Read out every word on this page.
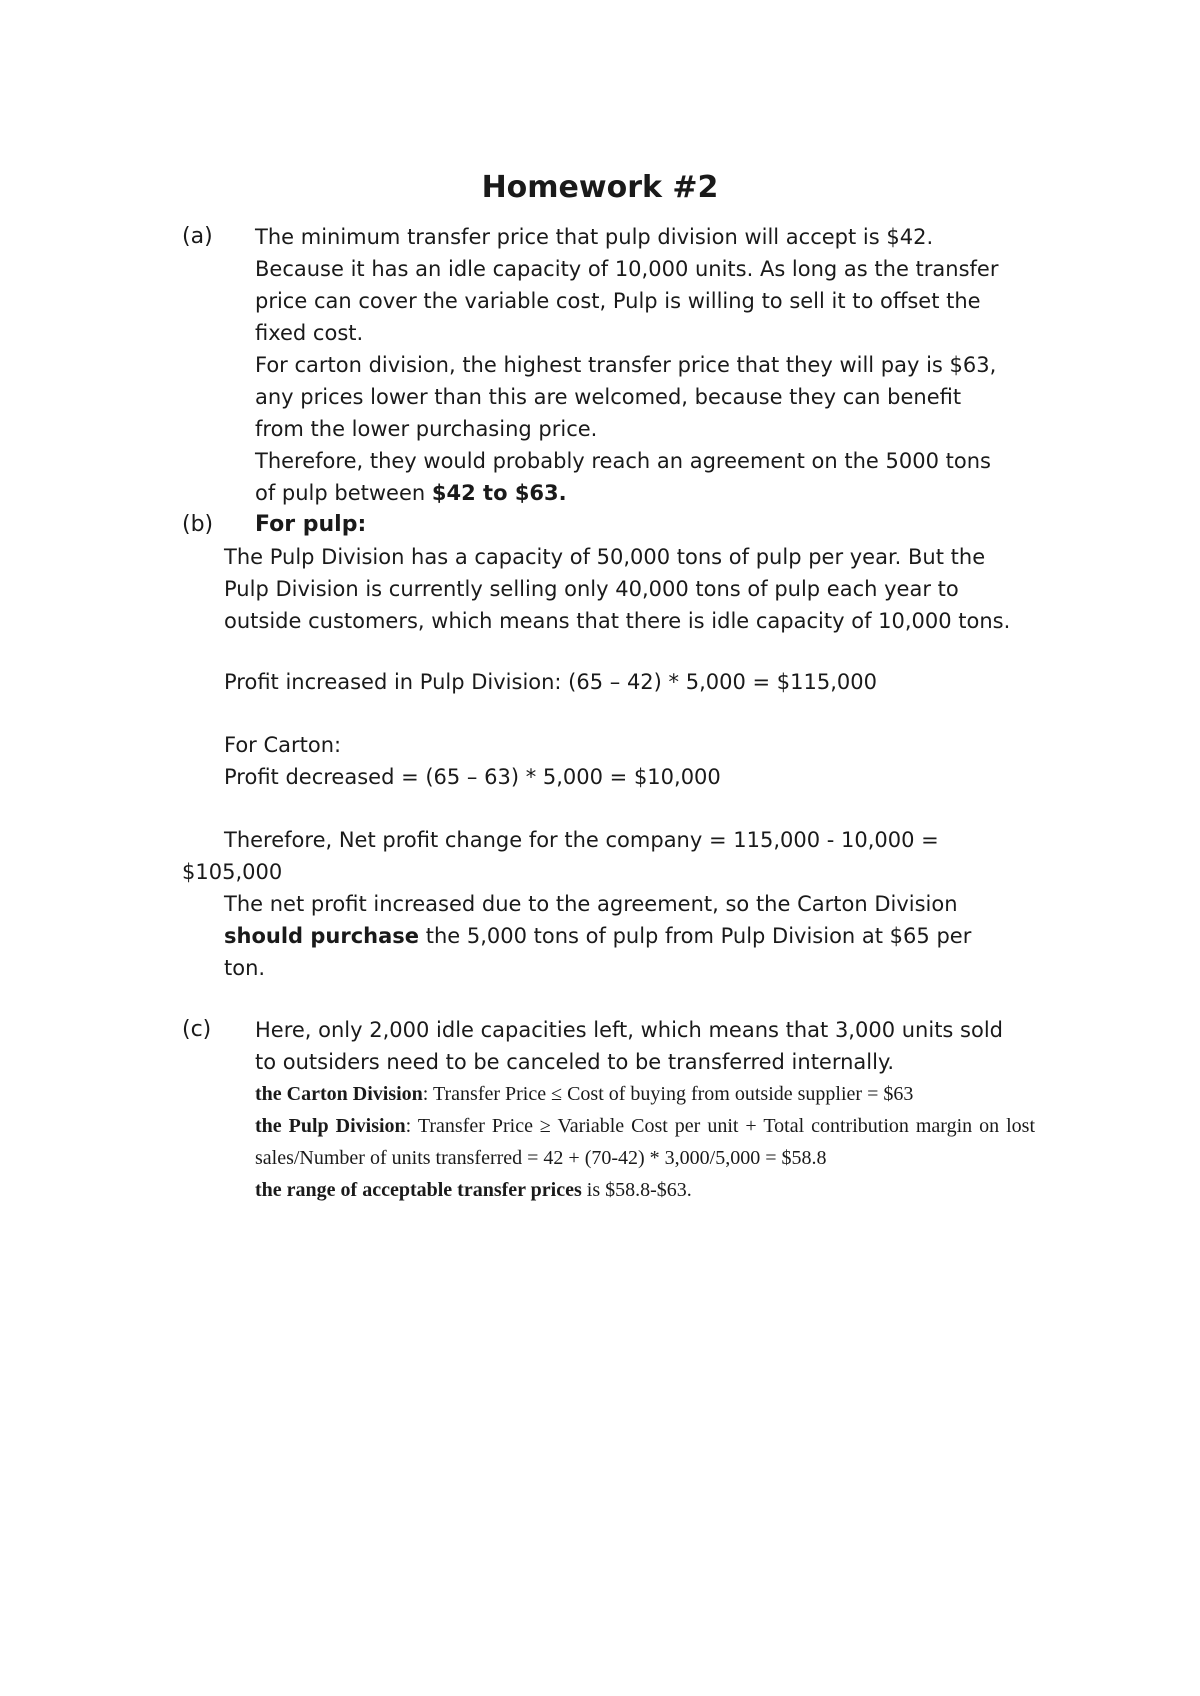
Homework #2
(a) The minimum transfer price that pulp division will accept is $42.

Because it has an idle capacity of 10,000 units. As long as the transfer

price can cover the variable cost, Pulp is willing to sell it to offset the

fixed cost.

For carton division, the highest transfer price that they will pay is $63,

any prices lower than this are welcomed, because they can benefit

from the lower purchasing price.

Therefore, they would probably reach an agreement on the 5000 tons

of pulp between $42 to $63.

(b) For pulp:

The Pulp Division has a capacity of 50,000 tons of pulp per year. But the

Pulp Division is currently selling only 40,000 tons of pulp each year to

outside customers, which means that there is idle capacity of 10,000 tons.

Profit increased in Pulp Division: (65 – 42) * 5,000 = $115,000
For Carton:
Profit decreased = (65 – 63) * 5,000 = $10,000
Therefore, Net profit change for the company = 115,000 - 10,000 =
$105,000

The net profit increased due to the agreement, so the Carton Division

should purchase the 5,000 tons of pulp from Pulp Division at $65 per

ton.

(c) Here, only 2,000 idle capacities left, which means that 3,000 units sold

to outsiders need to be canceled to be transferred internally.

the Carton Division: Transfer Price ≤ Cost of buying from outside supplier = $63

the Pulp Division: Transfer Price ≥ Variable Cost per unit + Total contribution margin on lost sales/Number of units transferred = 42 + (70-42) * 3,000/5,000 = $58.8

the range of acceptable transfer prices is $58.8-$63.
